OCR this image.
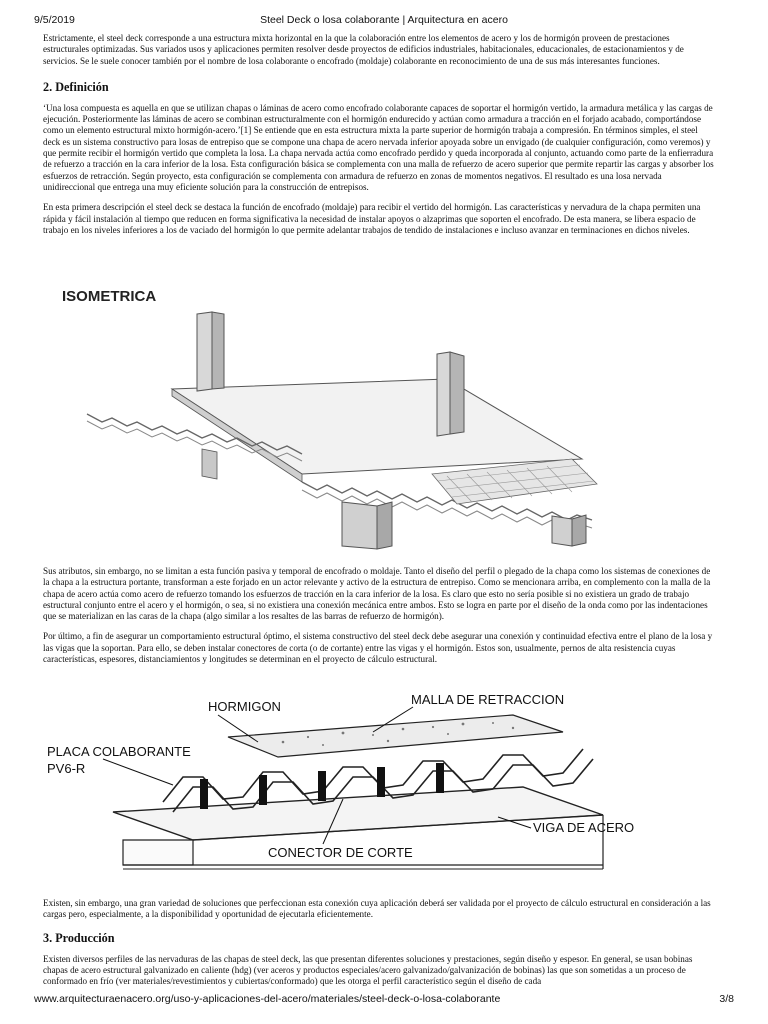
9/5/2019	Steel Deck o losa colaborante | Arquitectura en acero

Estrictamente, el steel deck corresponde a una estructura mixta horizontal en la que la colaboración entre los elementos de acero y los de hormigón proveen de prestaciones estructurales optimizadas. Sus variados usos y aplicaciones permiten resolver desde proyectos de edificios industriales, habitacionales, educacionales, de estacionamientos y de servicios. Se le suele conocer también por el nombre de losa colaborante o encofrado (moldaje) colaborante en reconocimiento de una de sus más interesantes funciones.

2. Definición

‘Una losa compuesta es aquella en que se utilizan chapas o láminas de acero como encofrado colaborante capaces de soportar el hormigón vertido, la armadura metálica y las cargas de ejecución. Posteriormente las láminas de acero se combinan estructuralmente con el hormigón endurecido y actúan como armadura a tracción en el forjado acabado, comportándose como un elemento estructural mixto hormigón-acero.’[1] Se entiende que en esta estructura mixta la parte superior de hormigón trabaja a compresión. En términos simples, el steel deck es un sistema constructivo para losas de entrepiso que se compone una chapa de acero nervada inferior apoyada sobre un envigado (de cualquier configuración, como veremos) y que permite recibir el hormigón vertido que completa la losa. La chapa nervada actúa como encofrado perdido y queda incorporada al conjunto, actuando como parte de la enfierradura de refuerzo a tracción en la cara inferior de la losa. Esta configuración básica se complementa con una malla de refuerzo de acero superior que permite repartir las cargas y absorber los esfuerzos de retracción. Según proyecto, esta configuración se complementa con armadura de refuerzo en zonas de momentos negativos. El resultado es una losa nervada unidireccional que entrega una muy eficiente solución para la construcción de entrepisos.

En esta primera descripción el steel deck se destaca la función de encofrado (moldaje) para recibir el vertido del hormigón. Las características y nervadura de la chapa permiten una rápida y fácil instalación al tiempo que reducen en forma significativa la necesidad de instalar apoyos o alzaprimas que soporten el encofrado. De esta manera, se libera espacio de trabajo en los niveles inferiores a los de vaciado del hormigón lo que permite adelantar trabajos de tendido de instalaciones e incluso avanzar en terminaciones en dichos niveles.

ISOMETRICA

Sus atributos, sin embargo, no se limitan a esta función pasiva y temporal de encofrado o moldaje. Tanto el diseño del perfil o plegado de la chapa como los sistemas de conexiones de la chapa a la estructura portante, transforman a este forjado en un actor relevante y activo de la estructura de entrepiso. Como se mencionara arriba, en complemento con la malla de la chapa de acero actúa como acero de refuerzo tomando los esfuerzos de tracción en la cara inferior de la losa. Es claro que esto no sería posible si no existiera un grado de trabajo estructural conjunto entre el acero y el hormigón, o sea, si no existiera una conexión mecánica entre ambos. Esto se logra en parte por el diseño de la onda como por las indentaciones que se materializan en las caras de la chapa (algo similar a los resaltes de las barras de refuerzo de hormigón).

Por último, a fin de asegurar un comportamiento estructural óptimo, el sistema constructivo del steel deck debe asegurar una conexión y continuidad efectiva entre el plano de la losa y las vigas que la soportan. Para ello, se deben instalar conectores de corta (o de cortante) entre las vigas y el hormigón. Estos son, usualmente, pernos de alta resistencia cuyas características, espesores, distanciamientos y longitudes se determinan en el proyecto de cálculo estructural.

HORMIGON	MALLA DE RETRACCION
PLACA COLABORANTE
PV6-R
VIGA DE ACERO
CONECTOR DE CORTE

Existen, sin embargo, una gran variedad de soluciones que perfeccionan esta conexión cuya aplicación deberá ser validada por el proyecto de cálculo estructural en consideración a las cargas pero, especialmente, a la disponibilidad y oportunidad de ejecutarla eficientemente.

3. Producción

Existen diversos perfiles de las nervaduras de las chapas de steel deck, las que presentan diferentes soluciones y prestaciones, según diseño y espesor. En general, se usan bobinas chapas de acero estructural galvanizado en caliente (hdg) (ver aceros y productos especiales/acero galvanizado/galvanización de bobinas) las que son sometidas a un proceso de conformado en frío (ver materiales/revestimientos y cubiertas/conformado) que les otorga el perfil característico según el diseño de cada

www.arquitecturaenacero.org/uso-y-aplicaciones-del-acero/materiales/steel-deck-o-losa-colaborante	3/8
